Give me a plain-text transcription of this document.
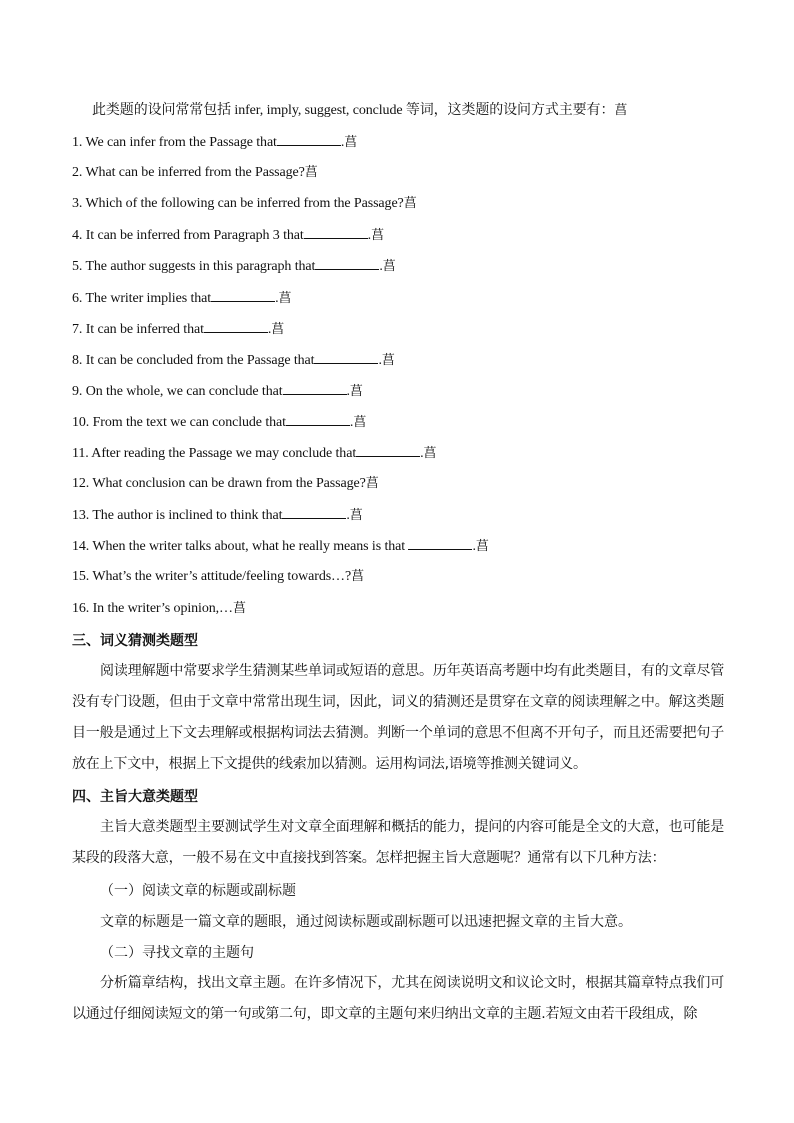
此类题的设问常常包括 infer, imply, suggest, conclude 等词，这类题的设问方式主要有：菖
1. We can infer from the Passage that	.菖
2. What can be inferred from the Passage?菖
3. Which of the following can be inferred from the Passage?菖
4. It can be inferred from Paragraph 3 that	.菖
5. The author suggests in this paragraph that	.菖
6. The writer implies that	.菖
7. It can be inferred that	.菖
8. It can be concluded from the Passage that	.菖
9. On the whole, we can conclude that	.菖
10. From the text we can conclude that	.菖
11. After reading the Passage we may conclude that	.菖
12. What conclusion can be drawn from the Passage?菖
13. The author is inclined to think that	.菖
14. When the writer talks about, what he really means is that	.菖
15. What’s the writer’s attitude/feeling towards…?菖
16. In the writer’s opinion,…菖
三、词义猜测类题型
阅读理解题中常要求学生猜测某些单词或短语的意思。历年英语高考题中均有此类题目，有的文章尽管没有专门设题，但由于文章中常常出现生词，因此，词义的猜测还是贯穿在文章的阅读理解之中。解这类题目一般是通过上下文去理解或根据构词法去猜测。判断一个单词的意思不但离不开句子，而且还需要把句子放在上下文中，根据上下文提供的线索加以猜测。运用构词法,语境等推测关键词义。
四、主旨大意类题型
主旨大意类题型主要测试学生对文章全面理解和概括的能力，提问的内容可能是全文的大意，也可能是某段的段落大意，一般不易在文中直接找到答案。怎样把握主旨大意题呢？通常有以下几种方法：
（一）阅读文章的标题或副标题
文章的标题是一篇文章的题眼，通过阅读标题或副标题可以迅速把握文章的主旨大意。
（二）寻找文章的主题句
分析篇章结构，找出文章主题。在许多情况下，尤其在阅读说明文和议论文时，根据其篇章特点我们可以通过仔细阅读短文的第一句或第二句，即文章的主题句来归纳出文章的主题.若短文由若干段组成，除
